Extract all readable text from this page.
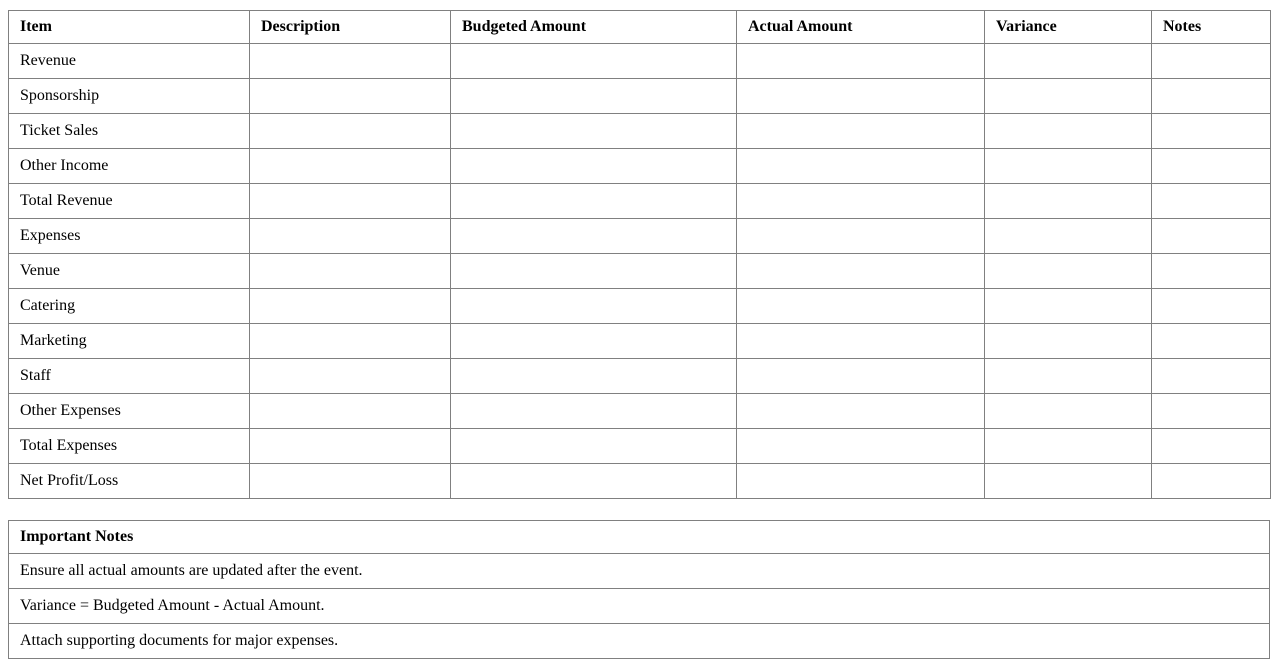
Item	Description	Budgeted Amount	Actual Amount	Variance	Notes
Revenue					
Sponsorship					
Ticket Sales					
Other Income					
Total Revenue					
Expenses					
Venue					
Catering					
Marketing					
Staff					
Other Expenses					
Total Expenses					
Net Profit/Loss					
Important Notes
Ensure all actual amounts are updated after the event.
Variance = Budgeted Amount - Actual Amount.
Attach supporting documents for major expenses.
